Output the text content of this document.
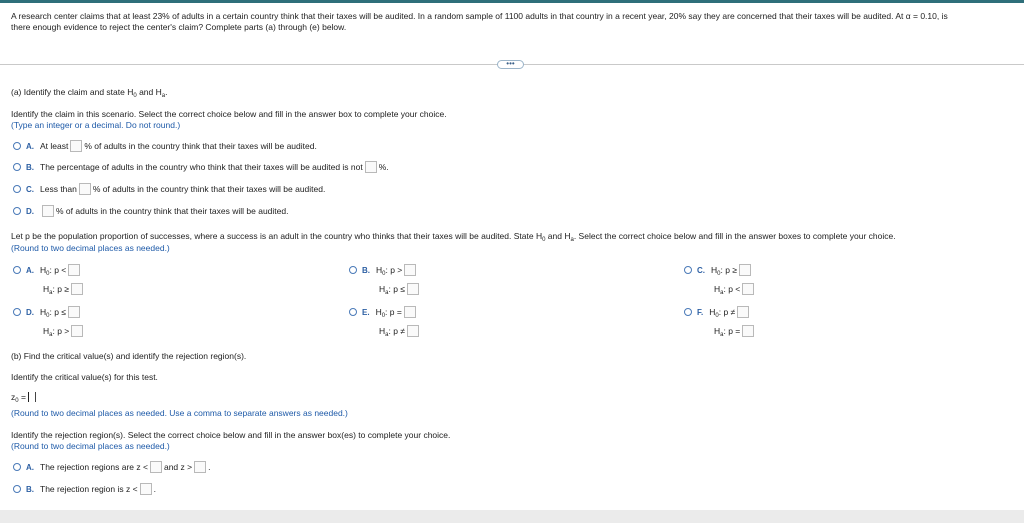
A research center claims that at least 23% of adults in a certain country think that their taxes will be audited. In a random sample of 1100 adults in that country in a recent year, 20% say they are concerned that their taxes will be audited. At α = 0.10, is
there enough evidence to reject the center's claim? Complete parts (a) through (e) below.
•••
(a) Identify the claim and state $H_0$ and $H_a$.
Identify the claim in this scenario. Select the correct choice below and fill in the answer box to complete your choice.
(Type an integer or a decimal. Do not round.)
A. At least % of adults in the country think that their taxes will be audited.
B. The percentage of adults in the country who think that their taxes will be audited is not %.
C. Less than % of adults in the country think that their taxes will be audited.
D.	% of adults in the country think that their taxes will be audited.
Let p be the population proportion of successes, where a success is an adult in the country who thinks that their taxes will be audited. State $H_0$ and $H_a$. Select the correct choice below and fill in the answer boxes to complete your choice.
(Round to two decimal places as needed.)
A. $H_0$: p <
$H_a$: p ≥
B. $H_0$: p >
$H_a$: p ≤
C. $H_0$: p ≥
$H_a$: p <
D. $H_0$: p ≤
$H_a$: p >
E. $H_0$: p =
$H_a$: p ≠
F. $H_0$: p ≠
$H_a$: p =
(b) Find the critical value(s) and identify the rejection region(s).
Identify the critical value(s) for this test.
$z_0$ =
(Round to two decimal places as needed. Use a comma to separate answers as needed.)
Identify the rejection region(s). Select the correct choice below and fill in the answer box(es) to complete your choice.
(Round to two decimal places as needed.)
A. The rejection regions are z < and z > .
B. The rejection region is z < .
